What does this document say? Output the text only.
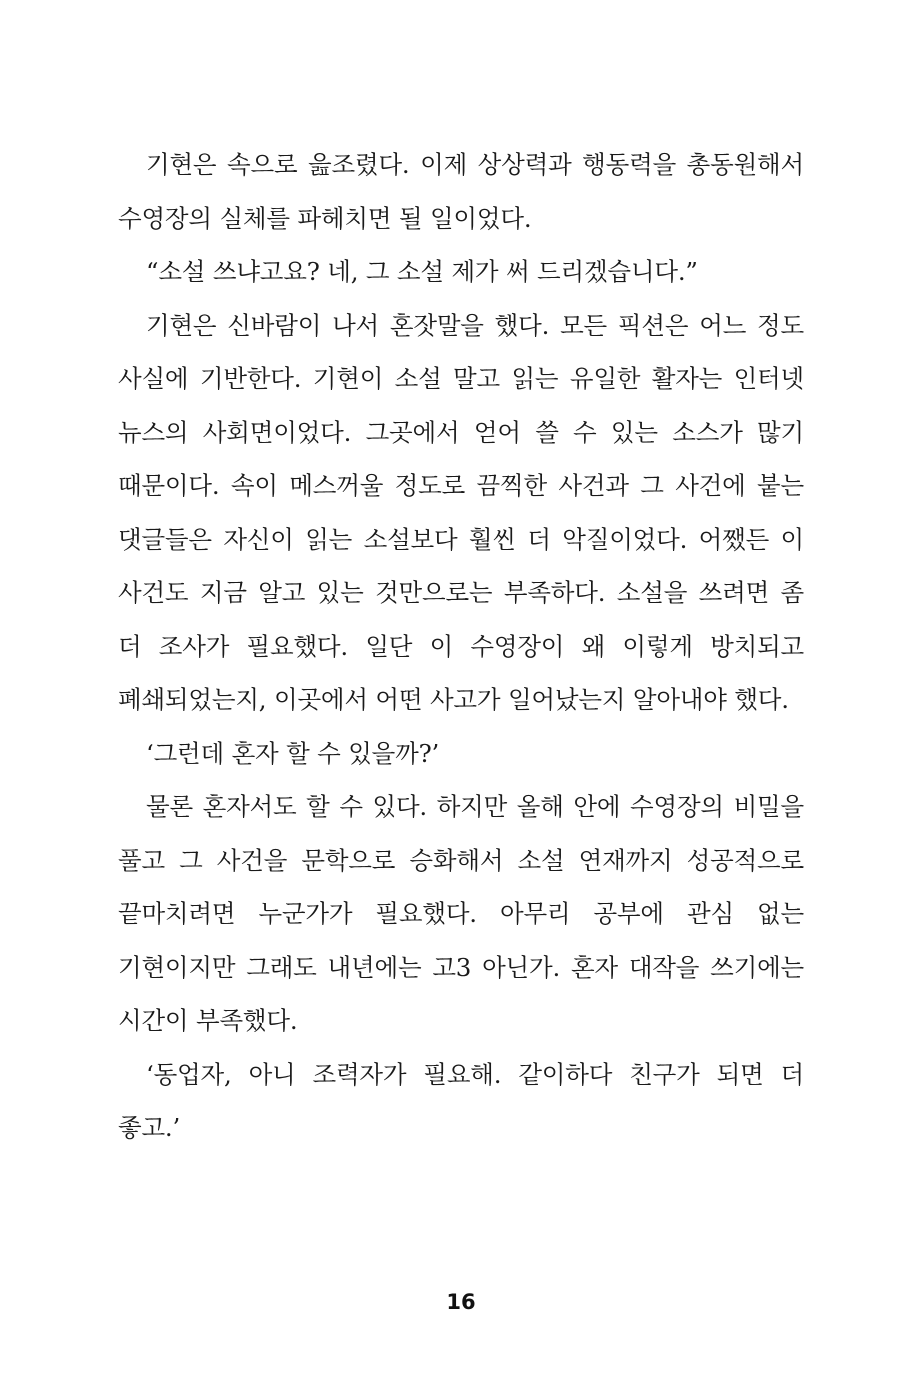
기현은 속으로 읊조렸다. 이제 상상력과 행동력을 총동원해서 수영장의 실체를 파헤치면 될 일이었다.

“소설 쓰냐고요? 네, 그 소설 제가 써 드리겠습니다.”

기현은 신바람이 나서 혼잣말을 했다. 모든 픽션은 어느 정도 사실에 기반한다. 기현이 소설 말고 읽는 유일한 활자는 인터넷 뉴스의 사회면이었다. 그곳에서 얻어 쓸 수 있는 소스가 많기 때문이다. 속이 메스꺼울 정도로 끔찍한 사건과 그 사건에 붙는 댓글들은 자신이 읽는 소설보다 훨씬 더 악질이었다. 어쨌든 이 사건도 지금 알고 있는 것만으로는 부족하다. 소설을 쓰려면 좀 더 조사가 필요했다. 일단 이 수영장이 왜 이렇게 방치되고 폐쇄되었는지, 이곳에서 어떤 사고가 일어났는지 알아내야 했다.

‘그런데 혼자 할 수 있을까?’

물론 혼자서도 할 수 있다. 하지만 올해 안에 수영장의 비밀을 풀고 그 사건을 문학으로 승화해서 소설 연재까지 성공적으로 끝마치려면 누군가가 필요했다. 아무리 공부에 관심 없는 기현이지만 그래도 내년에는 고3 아닌가. 혼자 대작을 쓰기에는 시간이 부족했다.

‘동업자, 아니 조력자가 필요해. 같이하다 친구가 되면 더 좋고.’

16
